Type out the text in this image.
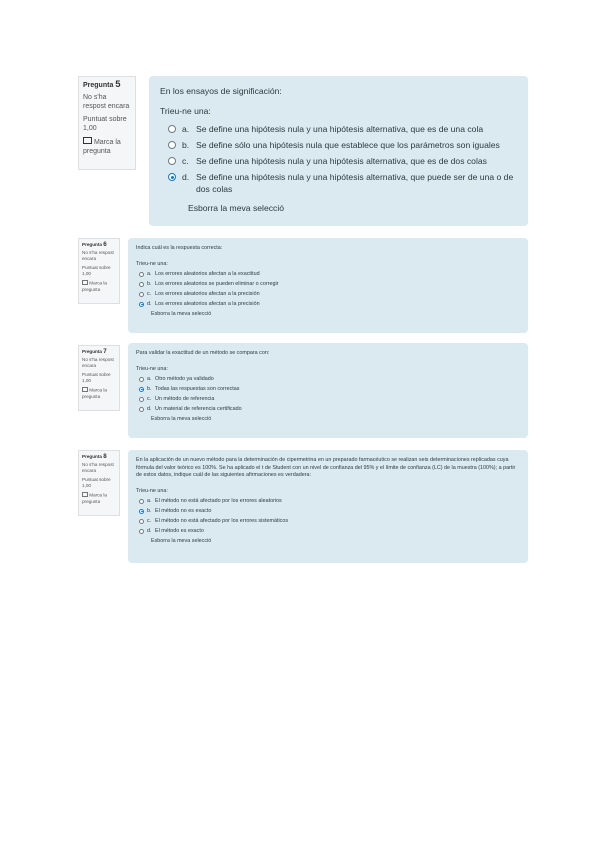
Pregunta 5

No s'ha respost encara

Puntuat sobre 1,00

Marca la pregunta

En los ensayos de significación:

Trieu-ne una:

a. Se define una hipótesis nula y una hipótesis alternativa, que es de una cola
b. Se define sólo una hipótesis nula que establece que los parámetros son iguales
c. Se define una hipótesis nula y una hipótesis alternativa, que es de dos colas
d. Se define una hipótesis nula y una hipótesis alternativa, que puede ser de una o de dos colas

Esborra la meva selecció

Pregunta 6

No s'ha respost encara

Puntuat sobre 1,00

Marca la pregunta

Indica cuál es la respuesta correcta:

Trieu-ne una:

a. Los errores aleatorios afectan a la exactitud
b. Los errores aleatorios se pueden eliminar o corregir
c. Los errores aleatorios afectan a la precisión
d. Los errores aleatorios afectan a la precisión

Esborra la meva selecció

Pregunta 7

No s'ha respost encara

Puntuat sobre 1,00

Marca la pregunta

Para validar la exactitud de un método se compara con:

Trieu-ne una:

a. Otro método ya validado
b. Todas las respuestas son correctas
c. Un método de referencia
d. Un material de referencia certificado

Esborra la meva selecció

Pregunta 8

No s'ha respost encara

Puntuat sobre 1,00

Marca la pregunta

En la aplicación de un nuevo método para la determinación de cipermetrina en un preparado farmacéutico se realizan seis determinaciones replicadas cuya fórmula del valor teórico es 100%. Se ha aplicado el t de Student con un nivel de confianza del 95% y el límite de confianza (LC) de la muestra (100%); a partir de estos datos, indique cuál de las siguientes afirmaciones es verdadera:

Trieu-ne una:

a. El método no está afectado por los errores aleatorios
b. El método no es exacto
c. El método no está afectado por los errores sistemáticos
d. El método es exacto

Esborra la meva selecció
